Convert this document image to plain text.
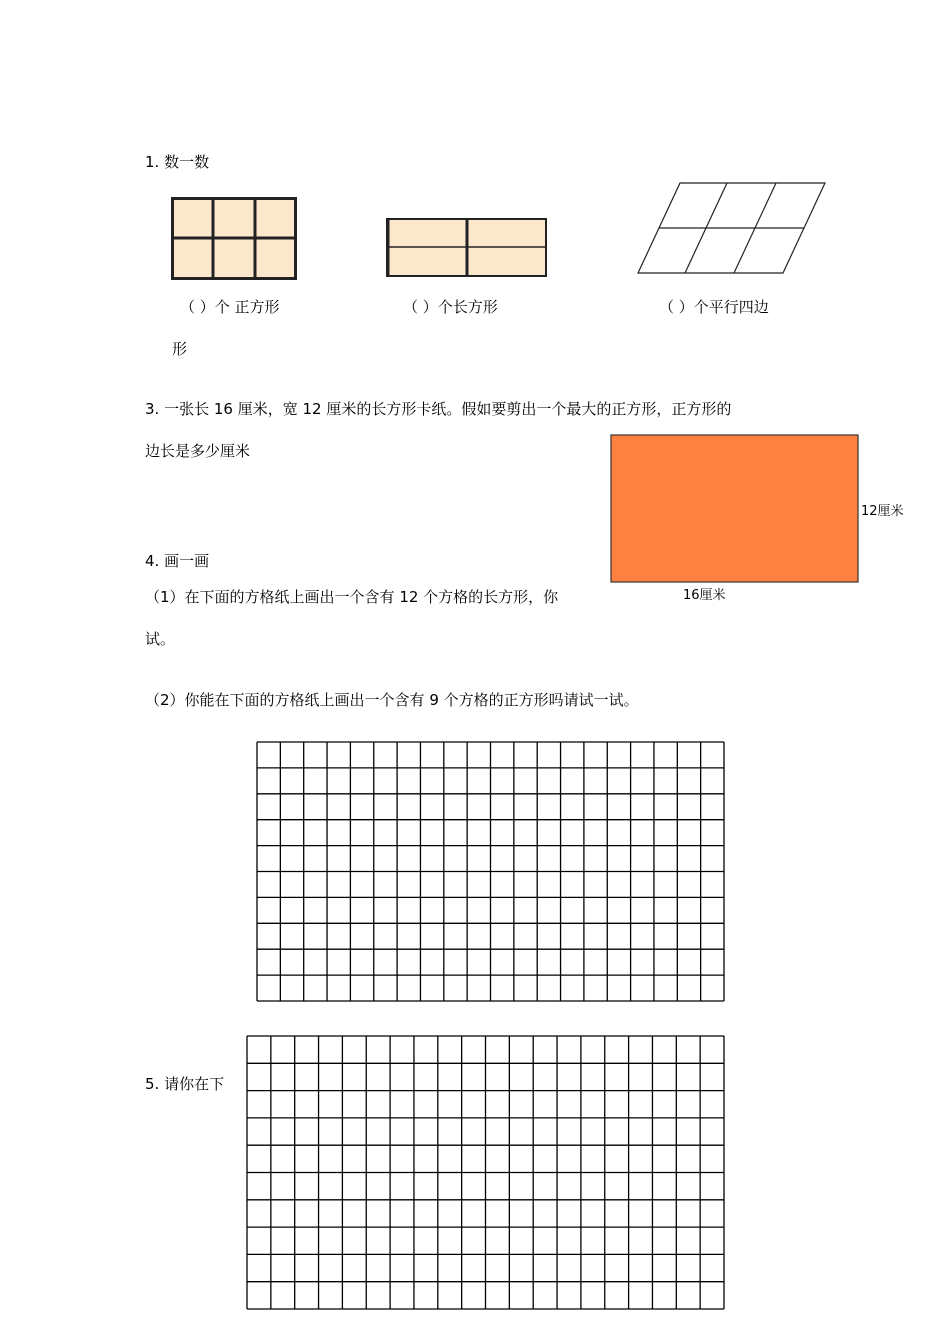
1. 数一数
（ ）个 正方形	（ ）个长方形	（ ）个平行四边
形
3. 一张长 16 厘米，宽 12 厘米的长方形卡纸。假如要剪出一个最大的正方形，正方形的
边长是多少厘米
12厘米
16厘米
4. 画一画
（1）在下面的方格纸上画出一个含有 12 个方格的长方形，你
试。
（2）你能在下面的方格纸上画出一个含有 9 个方格的正方形吗请试一试。
5. 请你在下
